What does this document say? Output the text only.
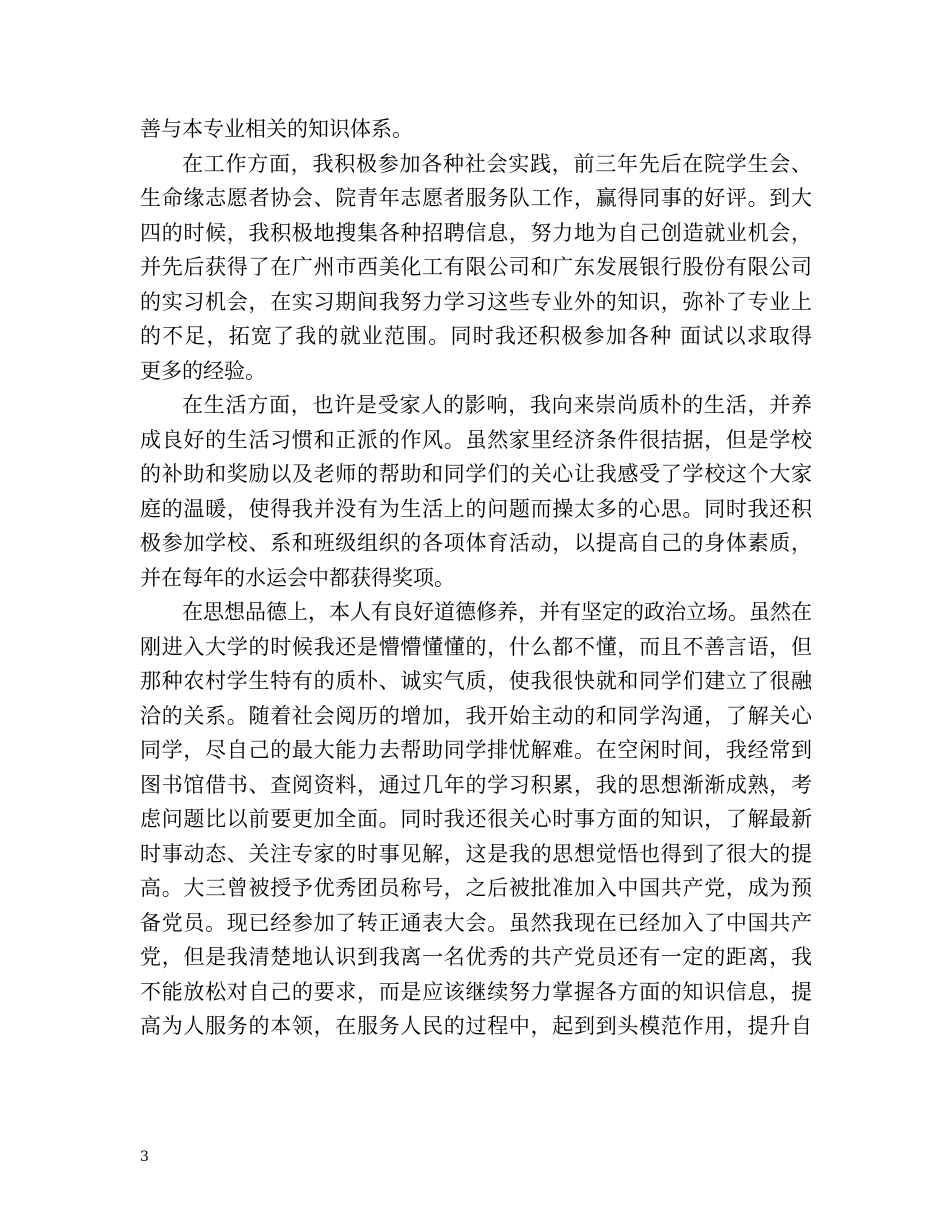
善与本专业相关的知识体系。
在工作方面，我积极参加各种社会实践，前三年先后在院学生会、
生命缘志愿者协会、院青年志愿者服务队工作，赢得同事的好评。到大
四的时候，我积极地搜集各种招聘信息，努力地为自己创造就业机会，
并先后获得了在广州市西美化工有限公司和广东发展银行股份有限公司
的实习机会，在实习期间我努力学习这些专业外的知识，弥补了专业上
的不足，拓宽了我的就业范围。同时我还积极参加各种 面试以求取得
更多的经验。
在生活方面，也许是受家人的影响，我向来崇尚质朴的生活，并养
成良好的生活习惯和正派的作风。虽然家里经济条件很拮据，但是学校
的补助和奖励以及老师的帮助和同学们的关心让我感受了学校这个大家
庭的温暖，使得我并没有为生活上的问题而操太多的心思。同时我还积
极参加学校、系和班级组织的各项体育活动，以提高自己的身体素质，
并在每年的水运会中都获得奖项。
在思想品德上，本人有良好道德修养，并有坚定的政治立场。虽然在
刚进入大学的时候我还是懵懵懂懂的，什么都不懂，而且不善言语，但
那种农村学生特有的质朴、诚实气质，使我很快就和同学们建立了很融
洽的关系。随着社会阅历的增加，我开始主动的和同学沟通，了解关心
同学，尽自己的最大能力去帮助同学排忧解难。在空闲时间，我经常到
图书馆借书、查阅资料，通过几年的学习积累，我的思想渐渐成熟，考
虑问题比以前要更加全面。同时我还很关心时事方面的知识，了解最新
时事动态、关注专家的时事见解，这是我的思想觉悟也得到了很大的提
高。大三曾被授予优秀团员称号，之后被批准加入中国共产党，成为预
备党员。现已经参加了转正通表大会。虽然我现在已经加入了中国共产
党，但是我清楚地认识到我离一名优秀的共产党员还有一定的距离，我
不能放松对自己的要求，而是应该继续努力掌握各方面的知识信息，提
高为人服务的本领，在服务人民的过程中，起到到头模范作用，提升自
3
